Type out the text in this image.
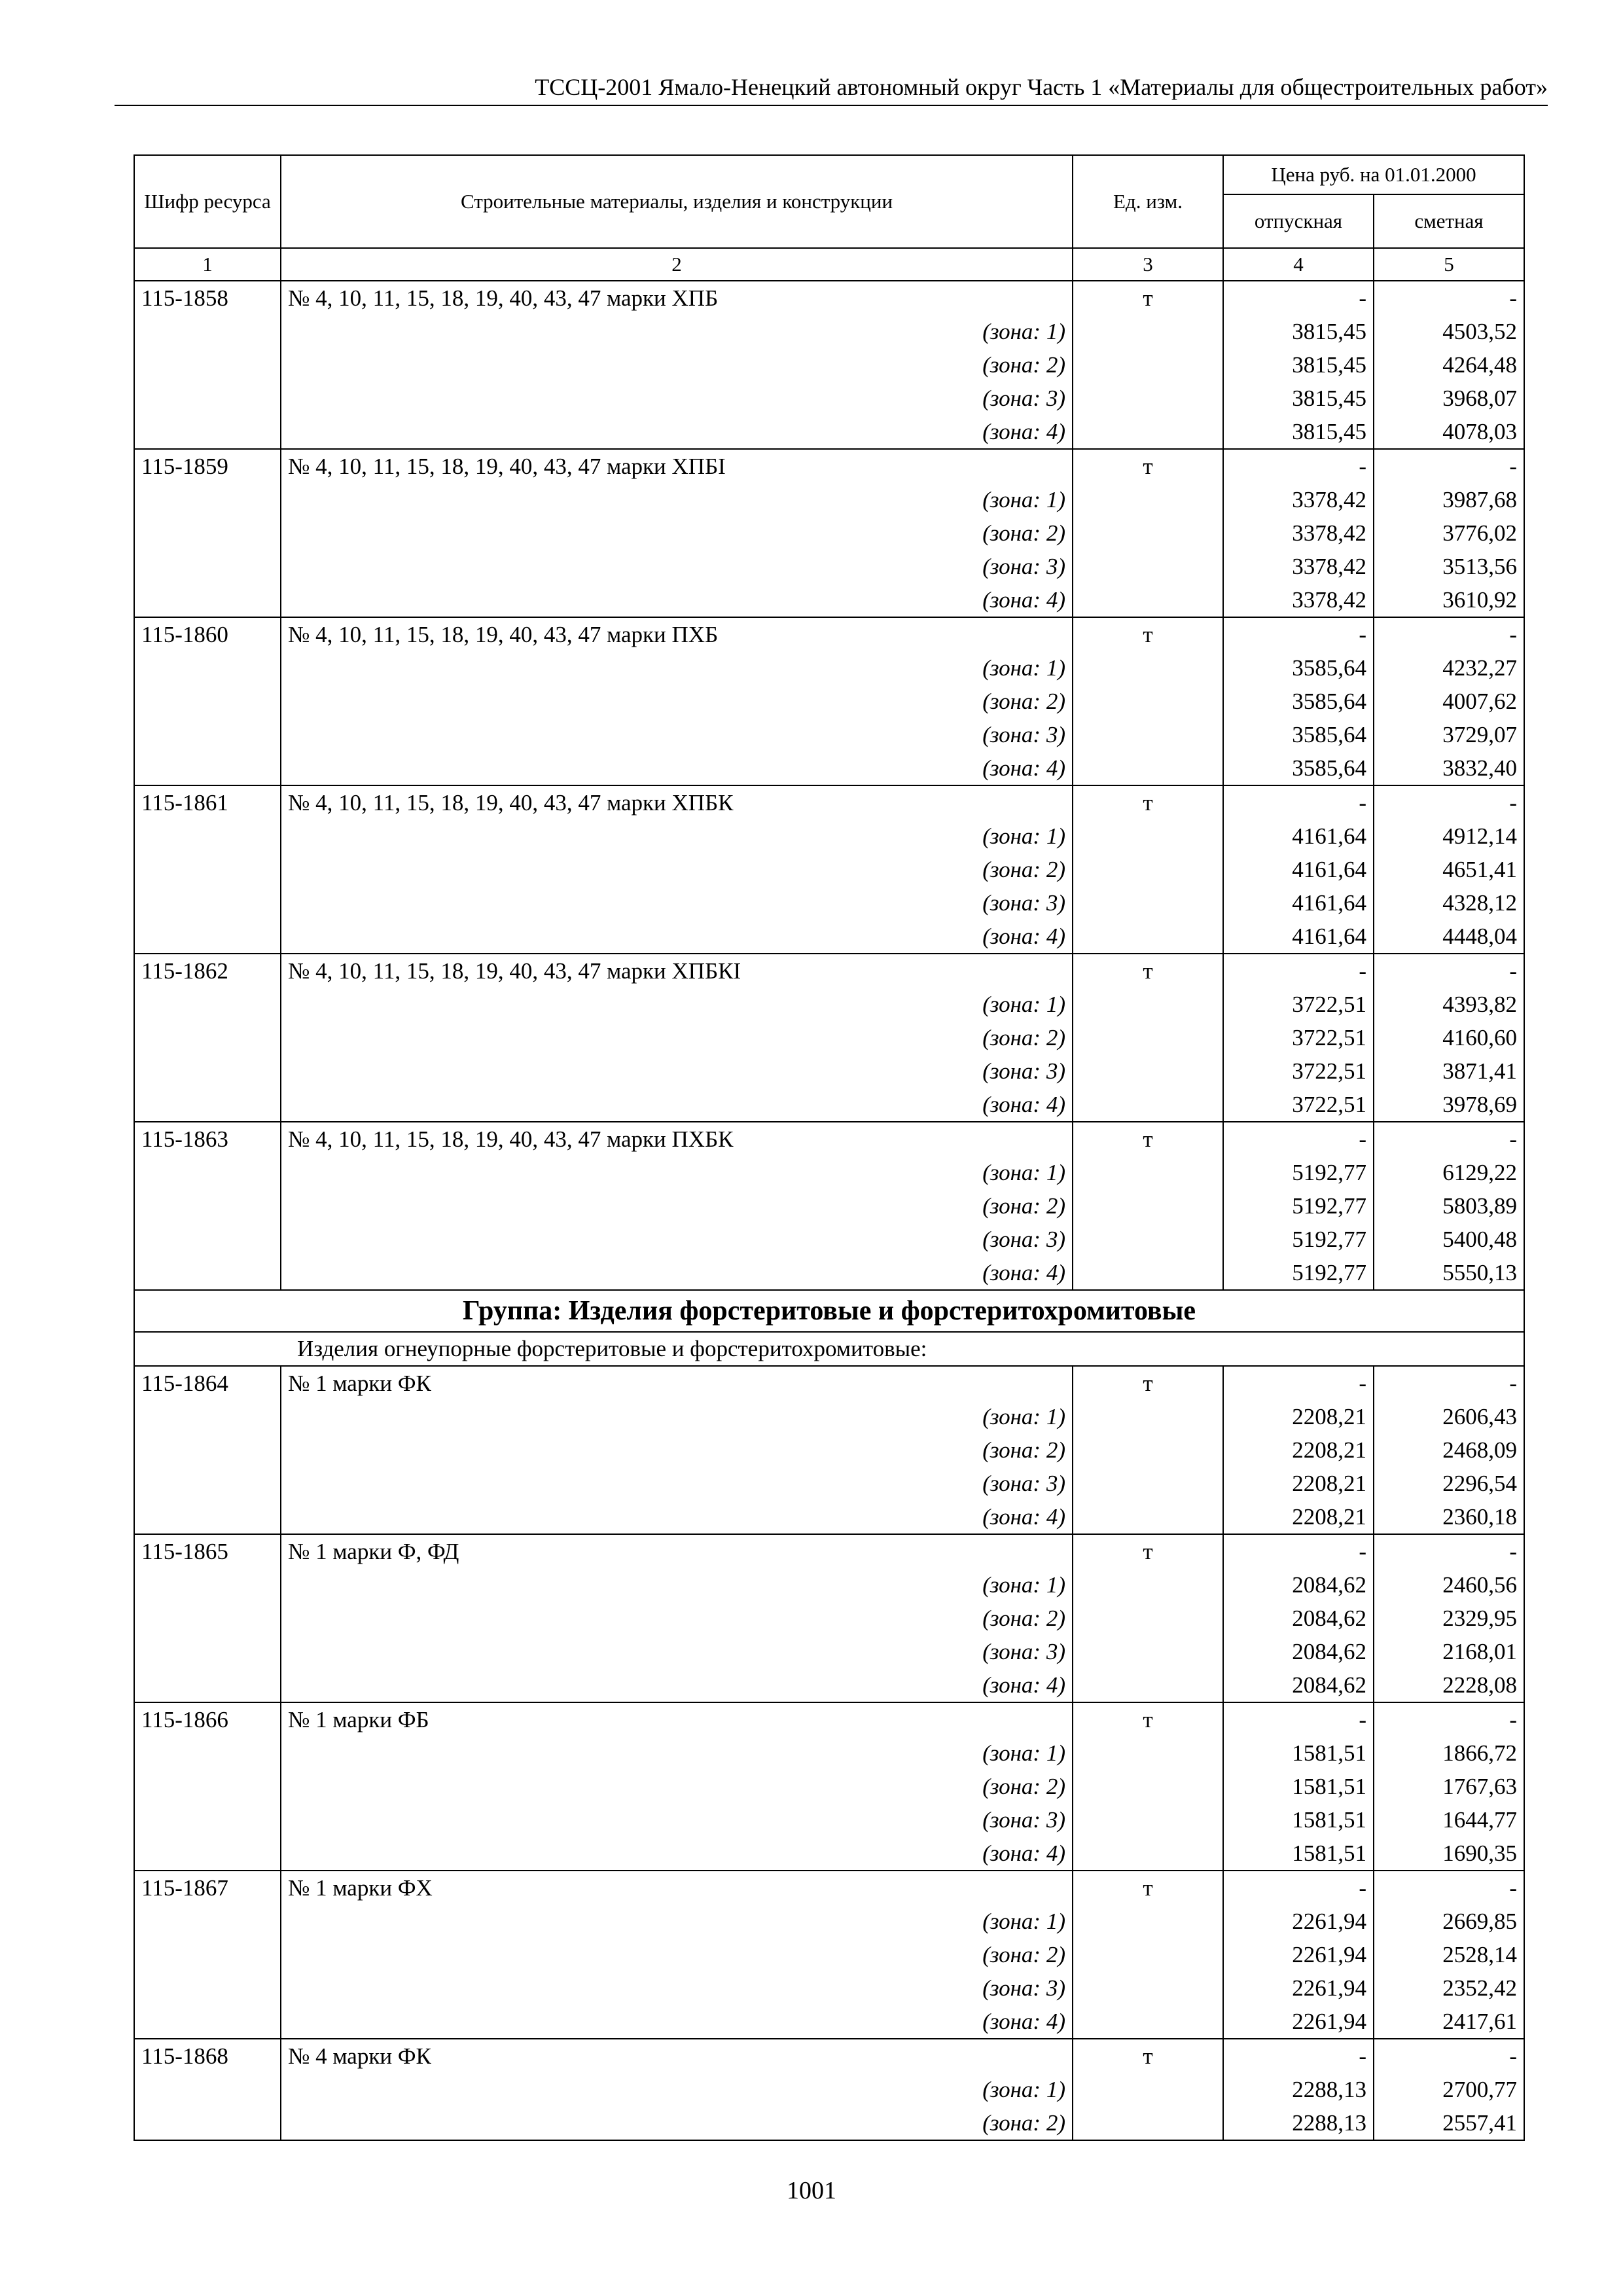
ТССЦ-2001 Ямало-Ненецкий автономный округ Часть 1 «Материалы для общестроительных работ»
Шифр ресурса	Строительные материалы, изделия и конструкции	Ед. изм.	Цена руб. на 01.01.2000	
			отпускная	сметная
1	2	3	4	5
115-1858	№ 4, 10, 11, 15, 18, 19, 40, 43, 47 марки ХПБ	т	-	-
	(зона: 1)		3815,45	4503,52
	(зона: 2)		3815,45	4264,48
	(зона: 3)		3815,45	3968,07
	(зона: 4)		3815,45	4078,03
115-1859	№ 4, 10, 11, 15, 18, 19, 40, 43, 47 марки ХПБI	т	-	-
	(зона: 1)		3378,42	3987,68
	(зона: 2)		3378,42	3776,02
	(зона: 3)		3378,42	3513,56
	(зона: 4)		3378,42	3610,92
115-1860	№ 4, 10, 11, 15, 18, 19, 40, 43, 47 марки ПХБ	т	-	-
	(зона: 1)		3585,64	4232,27
	(зона: 2)		3585,64	4007,62
	(зона: 3)		3585,64	3729,07
	(зона: 4)		3585,64	3832,40
115-1861	№ 4, 10, 11, 15, 18, 19, 40, 43, 47 марки ХПБК	т	-	-
	(зона: 1)		4161,64	4912,14
	(зона: 2)		4161,64	4651,41
	(зона: 3)		4161,64	4328,12
	(зона: 4)		4161,64	4448,04
115-1862	№ 4, 10, 11, 15, 18, 19, 40, 43, 47 марки ХПБКI	т	-	-
	(зона: 1)		3722,51	4393,82
	(зона: 2)		3722,51	4160,60
	(зона: 3)		3722,51	3871,41
	(зона: 4)		3722,51	3978,69
115-1863	№ 4, 10, 11, 15, 18, 19, 40, 43, 47 марки ПХБК	т	-	-
	(зона: 1)		5192,77	6129,22
	(зона: 2)		5192,77	5803,89
	(зона: 3)		5192,77	5400,48
	(зона: 4)		5192,77	5550,13
Группа: Изделия форстеритовые и форстеритохромитовые				
Изделия огнеупорные форстеритовые и форстеритохромитовые:				
115-1864	№ 1 марки ФК	т	-	-
	(зона: 1)		2208,21	2606,43
	(зона: 2)		2208,21	2468,09
	(зона: 3)		2208,21	2296,54
	(зона: 4)		2208,21	2360,18
115-1865	№ 1 марки Ф, ФД	т	-	-
	(зона: 1)		2084,62	2460,56
	(зона: 2)		2084,62	2329,95
	(зона: 3)		2084,62	2168,01
	(зона: 4)		2084,62	2228,08
115-1866	№ 1 марки ФБ	т	-	-
	(зона: 1)		1581,51	1866,72
	(зона: 2)		1581,51	1767,63
	(зона: 3)		1581,51	1644,77
	(зона: 4)		1581,51	1690,35
115-1867	№ 1 марки ФХ	т	-	-
	(зона: 1)		2261,94	2669,85
	(зона: 2)		2261,94	2528,14
	(зона: 3)		2261,94	2352,42
	(зона: 4)		2261,94	2417,61
115-1868	№ 4 марки ФК	т	-	-
	(зона: 1)		2288,13	2700,77
	(зона: 2)		2288,13	2557,41
1001
